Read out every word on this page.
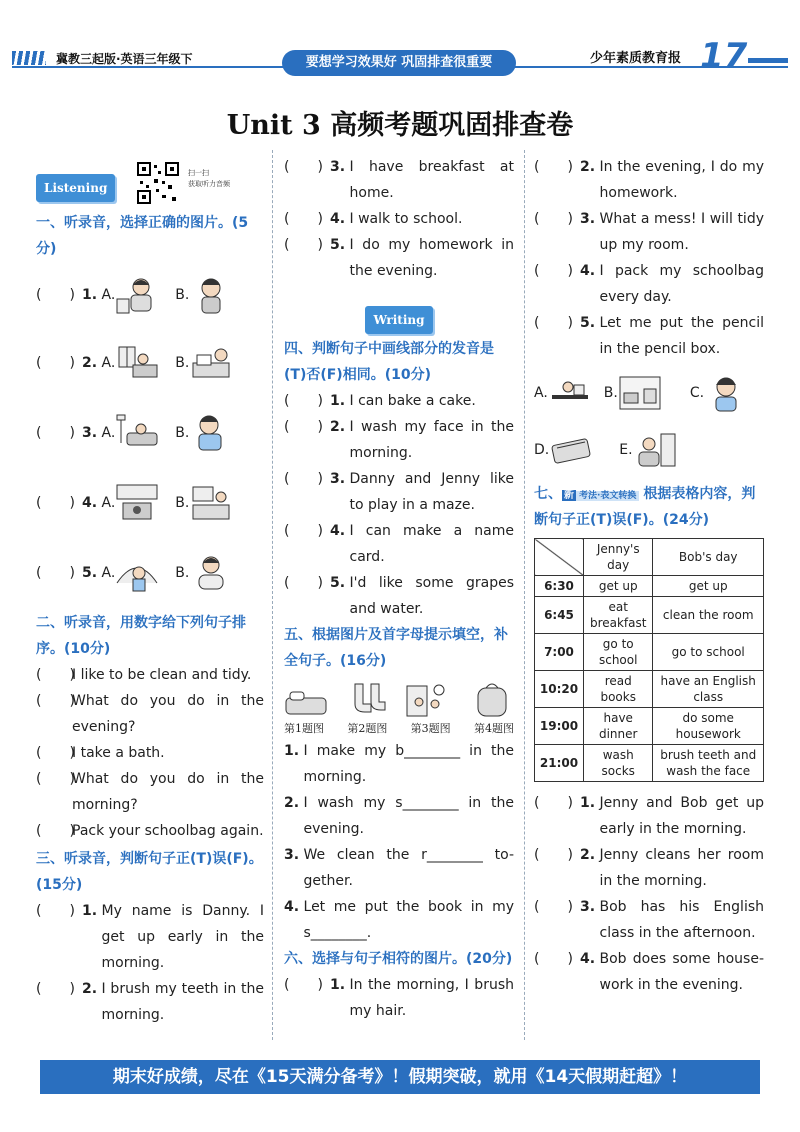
冀教三起版·英语三年级下	要想学习效果好 巩固排查很重要	少年素质教育报 17
Unit 3 高频考题巩固排查卷
扫一扫
获取听力音频
Listening
一、听录音，选择正确的图片。(5分)
(　　) 1.
A.	B.
(　　) 2.
A.	B.
(　　) 3.
A.	B.
(　　) 4.
A.	B.
(　　) 5.
A.	B.
二、听录音，用数字给下列句子排序。(10分)
(　　)
I like to be clean and tidy.
(　　)
What do you do in the evening?
(　　)
I take a bath.
(　　)
What do you do in the morning?
(　　)
Pack your schoolbag again.
三、听录音，判断句子正(T)误(F)。(15分)
(　　) 1.
My name is Danny. I get up early in the morning.
(　　) 2.
I brush my teeth in the morning.
(　　) 3.
I have breakfast at home.
(　　) 4.
I walk to school.
(　　) 5.
I do my homework in the evening.
Writing
四、判断句子中画线部分的发音是(T)否(F)相同。(10分)
(　　) 1.
I can bake a cake.
(　　) 2.
I wash my face in the morning.
(　　) 3.
Danny and Jenny like to play in a maze.
(　　) 4.
I can make a name card.
(　　) 5.
I'd like some grapes and water.
五、根据图片及首字母提示填空，补全句子。(16分)
第1题图 第2题图 第3题图 第4题图
1.
I make my b________ in the morning.
2.
I wash my s________ in the evening.
3.
We clean the r________ to-gether.
4.
Let me put the book in my s________.
六、选择与句子相符的图片。(20分)
(　　) 1.
In the morning, I brush my hair.
(　　) 2.
In the evening, I do my homework.
(　　) 3.
What a mess! I will tidy up my room.
(　　) 4.
I pack my schoolbag every day.
(　　) 5.
Let me put the pencil in the pencil box.
A.	B.	C.
D.	E.
七、 新 考法·表文转换 根据表格内容，判断句子正(T)误(F)。(24分)
	Jenny's day	Bob's day
6:30	get up	get up
6:45	eat breakfast	clean the room
7:00	go to school	go to school
10:20	read books	have an English class
19:00	have dinner	do some housework
21:00	wash socks	brush teeth and wash the face
(　　) 1.
Jenny and Bob get up early in the morning.
(　　) 2.
Jenny cleans her room in the morning.
(　　) 3.
Bob has his English class in the afternoon.
(　　) 4.
Bob does some house-work in the evening.
期末好成绩，尽在《15天满分备考》！假期突破，就用《14天假期赶超》！
